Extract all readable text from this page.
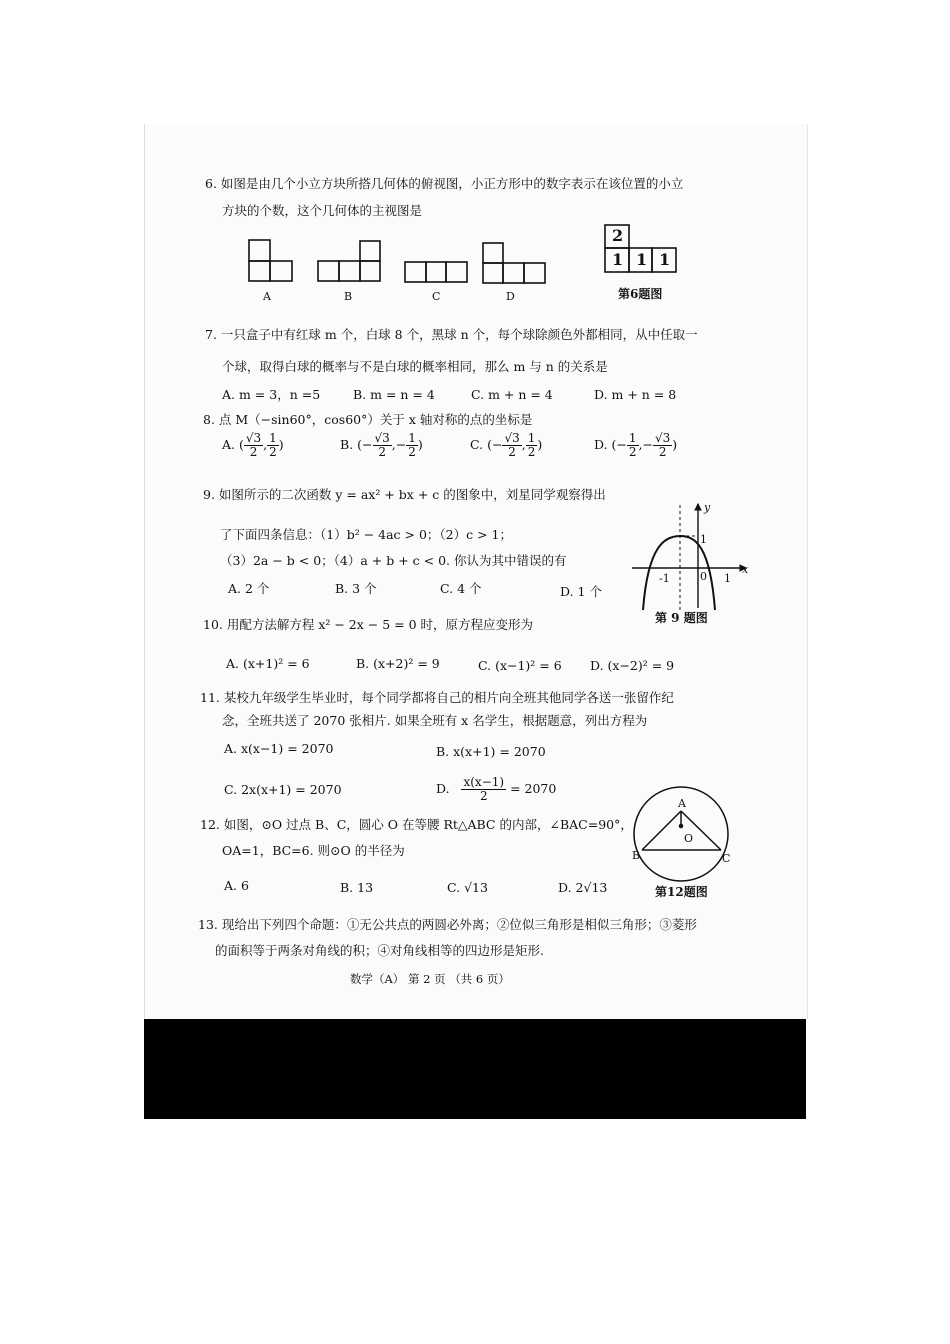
6. 如图是由几个小立方块所搭几何体的俯视图，小正方形中的数字表示在该位置的小立
方块的个数，这个几何体的主视图是
A	B	C	D
2
1 1 1
第6题图
7. 一只盒子中有红球 m 个，白球 8 个，黑球 n 个，每个球除颜色外都相同，从中任取一
个球，取得白球的概率与不是白球的概率相同，那么 m 与 n 的关系是
A. m = 3，n =5	B. m = n = 4	C. m + n = 4	D. m + n = 8
8. 点 M（−sin60°，cos60°）关于 x 轴对称的点的坐标是
A. ( $\frac{√3}{2}$ , $\frac{1}{2}$ )	B. (− $\frac{√3}{2}$ ,− $\frac{1}{2}$ )	C. (− $\frac{√3}{2}$ , $\frac{1}{2}$ )	D. (− $\frac{1}{2}$ ,− $\frac{√3}{2}$ )
9. 如图所示的二次函数 y = ax² + bx + c 的图象中，刘星同学观察得出
了下面四条信息：（1）b² − 4ac > 0；（2）c > 1；
（3）2a − b < 0；（4）a + b + c < 0. 你认为其中错误的有
A. 2 个	B. 3 个	C. 4 个	D. 1 个
y
x
1
-1	0 1
第 9 题图
10. 用配方法解方程 x² − 2x − 5 = 0 时，原方程应变形为
A. (x+1)² = 6	B. (x+2)² = 9	C. (x−1)² = 6 D. (x−2)² = 9
11. 某校九年级学生毕业时，每个同学都将自己的相片向全班其他同学各送一张留作纪
念，全班共送了 2070 张相片. 如果全班有 x 名学生，根据题意，列出方程为
A. x(x−1) = 2070	B. x(x+1) = 2070
C. 2x(x+1) = 2070	D. $\frac{x(x-1)}{2} = 2070$
12. 如图，⊙O 过点 B、C，圆心 O 在等腰 Rt△ABC 的内部，∠BAC=90°，
OA=1，BC=6. 则⊙O 的半径为
A. 6	B. 13	C. √13	D. 2√13
A
B	C
O
第12题图
13. 现给出下列四个命题：①无公共点的两圆必外离；②位似三角形是相似三角形；③菱形
的面积等于两条对角线的积；④对角线相等的四边形是矩形.
数学（A） 第 2 页 （共 6 页）
